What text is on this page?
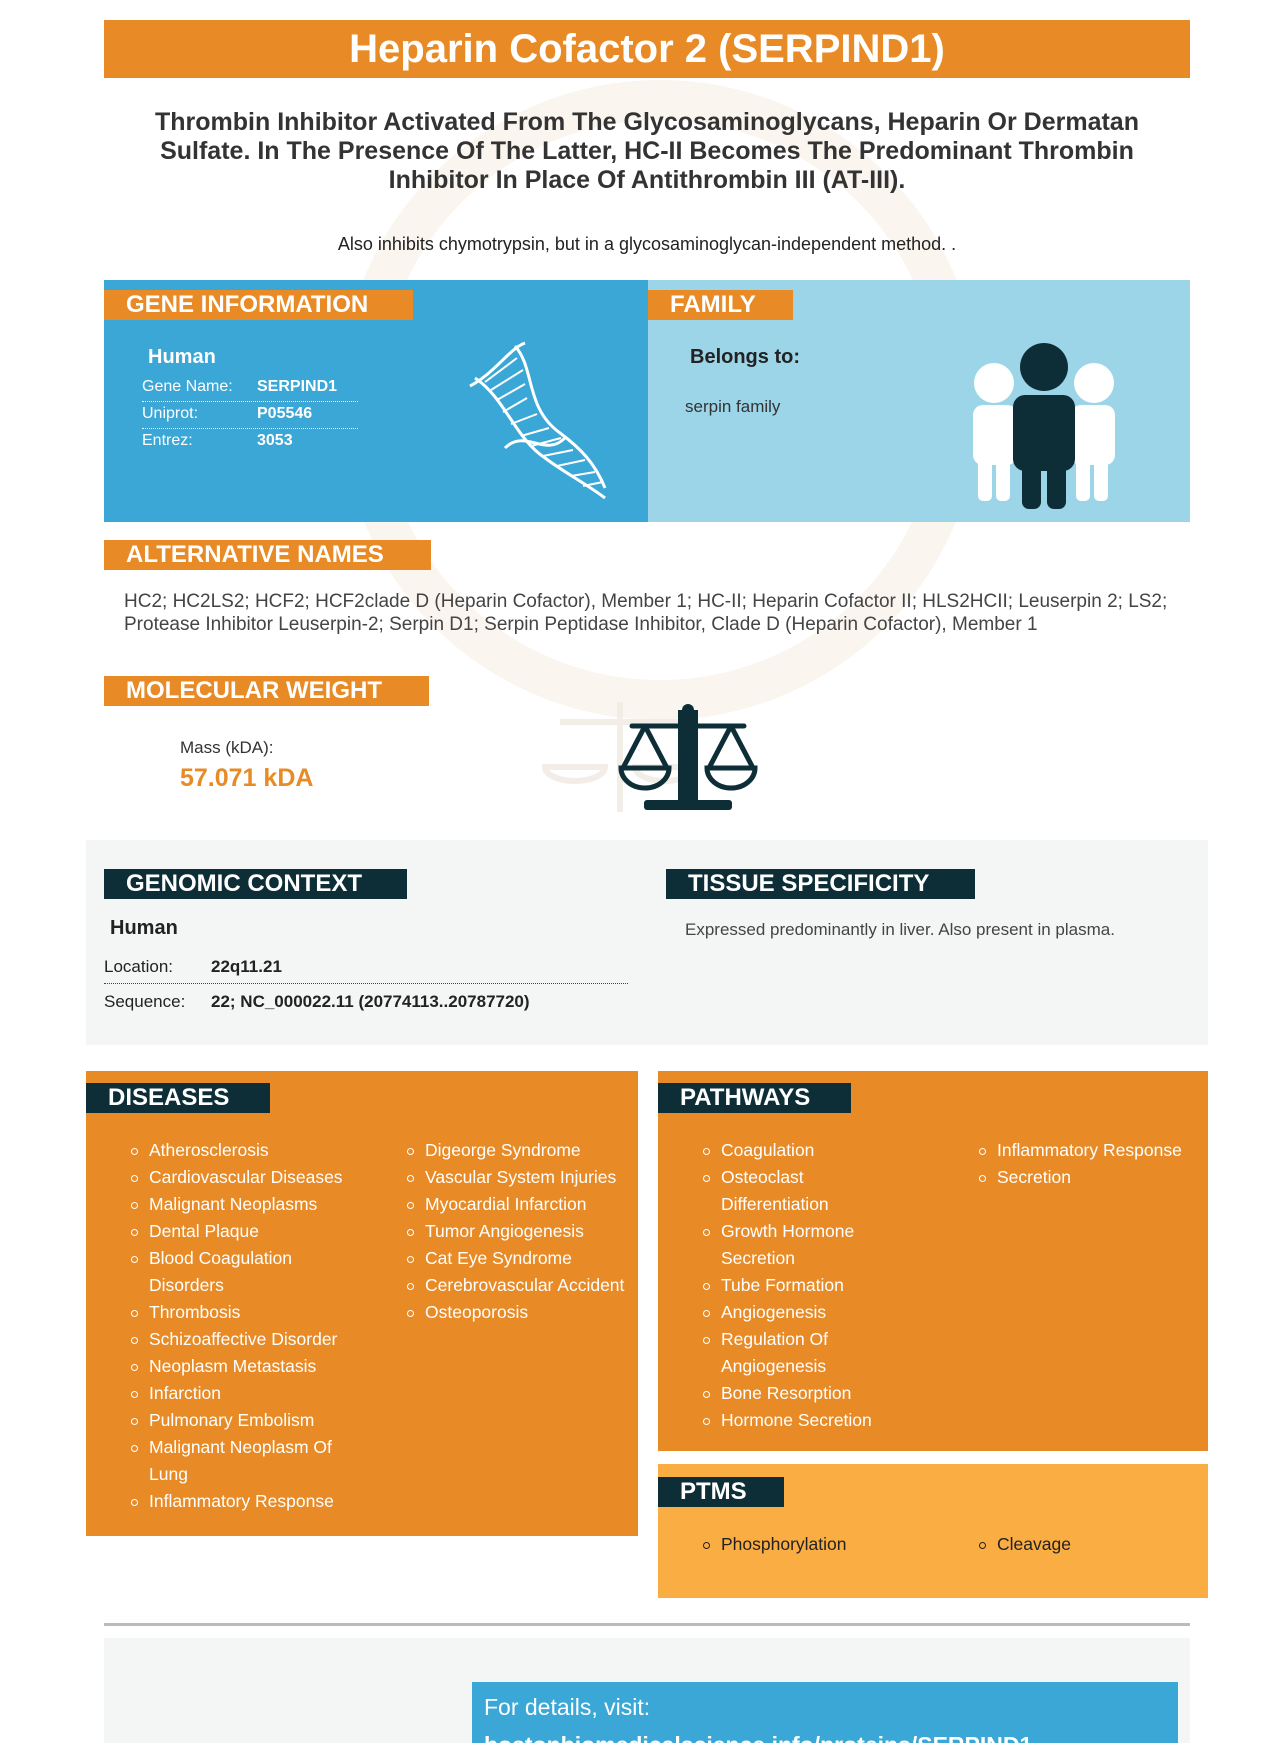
Heparin Cofactor 2 (SERPIND1)
Thrombin Inhibitor Activated From The Glycosaminoglycans, Heparin Or Dermatan Sulfate. In The Presence Of The Latter, HC-II Becomes The Predominant Thrombin Inhibitor In Place Of Antithrombin III (AT-III).
Also inhibits chymotrypsin, but in a glycosaminoglycan-independent method. .
GENE INFORMATION
Human
Gene Name: SERPIND1
Uniprot:	P05546
Entrez:	3053
FAMILY
Belongs to:
serpin family
ALTERNATIVE NAMES
HC2; HC2LS2; HCF2; HCF2clade D (Heparin Cofactor), Member 1; HC-II; Heparin Cofactor II; HLS2HCII; Leuserpin 2; LS2; Protease Inhibitor Leuserpin-2; Serpin D1; Serpin Peptidase Inhibitor, Clade D (Heparin Cofactor), Member 1
MOLECULAR WEIGHT
Mass (kDA):
57.071 kDA
GENOMIC CONTEXT
Human
Location: 22q11.21
Sequence: 22; NC_000022.11 (20774113..20787720)
TISSUE SPECIFICITY
Expressed predominantly in liver. Also present in plasma.
DISEASES
Atherosclerosis
Cardiovascular Diseases
Malignant Neoplasms
Dental Plaque
Blood Coagulation Disorders
Thrombosis
Schizoaffective Disorder
Neoplasm Metastasis
Infarction
Pulmonary Embolism
Malignant Neoplasm Of Lung
Inflammatory Response
Digeorge Syndrome
Vascular System Injuries
Myocardial Infarction
Tumor Angiogenesis
Cat Eye Syndrome
Cerebrovascular Accident
Osteoporosis
PATHWAYS
Coagulation
Osteoclast Differentiation
Growth Hormone Secretion
Tube Formation
Angiogenesis
Regulation Of Angiogenesis
Bone Resorption
Hormone Secretion
Inflammatory Response
Secretion
PTMS
Phosphorylation	Cleavage
For details, visit:
bostonbiomedicalscience.info/proteins/SERPIND1
